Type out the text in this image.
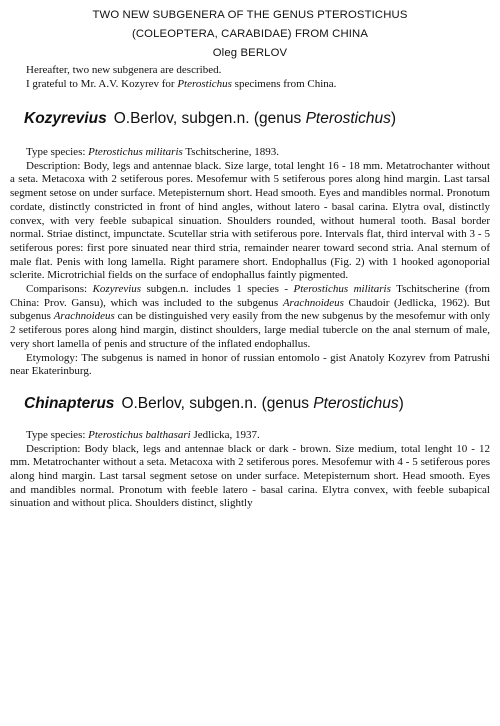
TWO NEW SUBGENERA OF THE GENUS PTEROSTICHUS
(COLEOPTERA, CARABIDAE) FROM CHINA
Oleg BERLOV

Hereafter, two new subgenera are described.

I grateful to Mr. A.V. Kozyrev for Pterostichus specimens from China.

Kozyrevius O.Berlov, subgen.n. (genus Pterostichus)

Type species: Pterostichus militaris Tschitscherine, 1893.

Description: Body, legs and antennae black. Size large, total lenght 16 - 18 mm. Metatrochanter without a seta. Metacoxa with 2 setiferous pores. Mesofemur with 5 setiferous pores along hind margin. Last tarsal segment setose on under surface. Metepisternum short. Head smooth. Eyes and mandibles normal. Pronotum cordate, distinctly constricted in front of hind angles, without latero - basal carina. Elytra oval, distinctly convex, with very feeble subapical sinuation. Shoulders rounded, without humeral tooth. Basal border normal. Striae distinct, impunctate. Scutellar stria with setiferous pore. Intervals flat, third interval with 3 - 5 setiferous pores: first pore sinuated near third stria, remainder nearer toward second stria. Anal sternum of male flat. Penis with long lamella. Right paramere short. Endophallus (Fig. 2) with 1 hooked agonoporial sclerite. Microtrichial fields on the surface of endophallus faintly pigmented.

Comparisons: Kozyrevius subgen.n. includes 1 species - Pterostichus militaris Tschitscherine (from China: Prov. Gansu), which was included to the subgenus Arachnoideus Chaudoir (Jedlicka, 1962). But subgenus Arachnoideus can be distinguished very easily from the new subgenus by the mesofemur with only 2 setiferous pores along hind margin, distinct shoulders, large medial tubercle on the anal sternum of male, very short lamella of penis and structure of the inflated endophallus.

Etymology: The subgenus is named in honor of russian entomolo - gist Anatoly Kozyrev from Patrushi near Ekaterinburg.

Chinapterus O.Berlov, subgen.n. (genus Pterostichus)

Type species: Pterostichus balthasari Jedlicka, 1937.

Description: Body black, legs and antennae black or dark - brown. Size medium, total lenght 10 - 12 mm. Metatrochanter without a seta. Metacoxa with 2 setiferous pores. Mesofemur with 4 - 5 setiferous pores along hind margin. Last tarsal segment setose on under surface. Metepisternum short. Head smooth. Eyes and mandibles normal. Pronotum with feeble latero - basal carina. Elytra convex, with feeble subapical sinuation and without plica. Shoulders distinct, slightly
